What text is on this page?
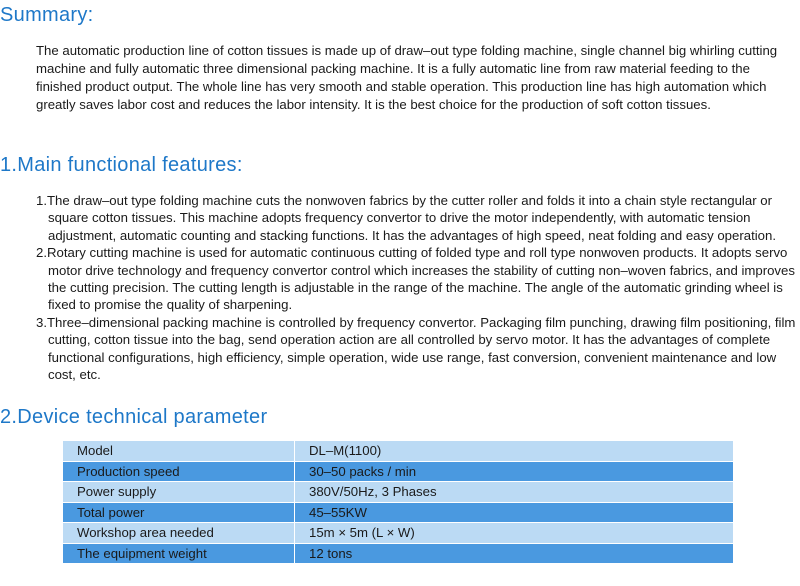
Summary:

The automatic production line of cotton tissues is made up of draw–out type folding machine, single channel big whirling cutting machine and fully automatic three dimensional packing machine. It is a fully automatic line from raw material feeding to the finished product output. The whole line has very smooth and stable operation. This production line has high automation which greatly saves labor cost and reduces the labor intensity. It is the best choice for the production of soft cotton tissues.

1.Main functional features:
1.The draw–out type folding machine cuts the nonwoven fabrics by the cutter roller and folds it into a chain style rectangular or square cotton tissues. This machine adopts frequency convertor to drive the motor independently, with automatic tension adjustment, automatic counting and stacking functions. It has the advantages of high speed, neat folding and easy operation.
2.Rotary cutting machine is used for automatic continuous cutting of folded type and roll type nonwoven products. It adopts servo motor drive technology and frequency convertor control which increases the stability of cutting non–woven fabrics, and improves the cutting precision. The cutting length is adjustable in the range of the machine. The angle of the automatic grinding wheel is fixed to promise the quality of sharpening.
3.Three–dimensional packing machine is controlled by frequency convertor. Packaging film punching, drawing film positioning, film cutting, cotton tissue into the bag, send operation action are all controlled by servo motor. It has the advantages of complete functional configurations, high efficiency, simple operation, wide use range, fast conversion, convenient maintenance and low cost, etc.
2.Device technical parameter
Model	DL–M(1100)
Production speed	30–50 packs / min
Power supply	380V/50Hz, 3 Phases
Total power	45–55KW
Workshop area needed	15m × 5m (L × W)
The equipment weight	12 tons
